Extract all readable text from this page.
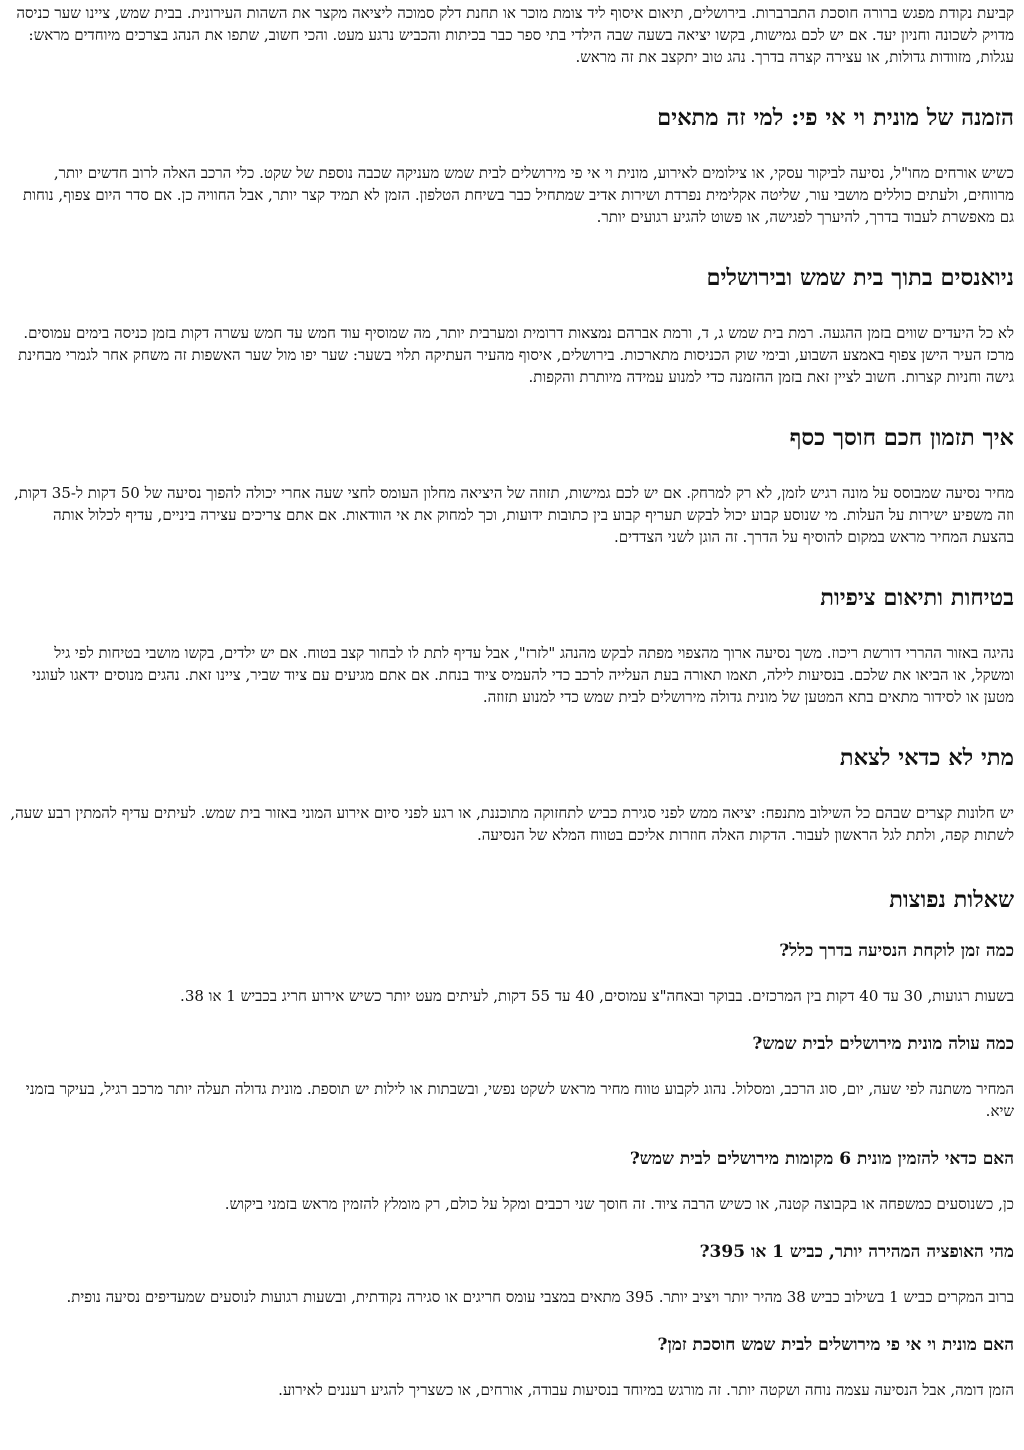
קביעת נקודת מפגש ברורה חוסכת התברברות. בירושלים, תיאום איסוף ליד צומת מוכר או תחנת דלק סמוכה ליציאה מקצר את השהות העירונית. בבית שמש, ציינו שער כניסה מדויק לשכונה וחניון יעד. אם יש לכם גמישות, בקשו יציאה בשעה שבה הילדי בתי ספר כבר בכיתות והכביש נרגע מעט. והכי חשוב, שתפו את הנהג בצרכים מיוחדים מראש: עגלות, מזוודות גדולות, או עצירה קצרה בדרך. נהג טוב יתקצב את זה מראש.

הזמנה של מונית וי אי פי: למי זה מתאים

כשיש אורחים מחו"ל, נסיעה לביקור עסקי, או צילומים לאירוע, מונית וי אי פי מירושלים לבית שמש מעניקה שכבה נוספת של שקט. כלי הרכב האלה לרוב חדשים יותר, מרווחים, ולעתים כוללים מושבי עור, שליטה אקלימית נפרדת ושירות אדיב שמתחיל כבר בשיחת הטלפון. הזמן לא תמיד קצר יותר, אבל החוויה כן. אם סדר היום צפוף, נוחות גם מאפשרת לעבוד בדרך, להיערך לפגישה, או פשוט להגיע רגועים יותר.

ניואנסים בתוך בית שמש ובירושלים

לא כל היעדים שווים בזמן ההגעה. רמת בית שמש ג, ד, ורמת אברהם נמצאות דרומית ומערבית יותר, מה שמוסיף עוד חמש עד חמש עשרה דקות בזמן כניסה בימים עמוסים. מרכז העיר הישן צפוף באמצע השבוע, ובימי שוק הכניסות מתארכות. בירושלים, איסוף מהעיר העתיקה תלוי בשער: שער יפו מול שער האשפות זה משחק אחר לגמרי מבחינת גישה וחניות קצרות. חשוב לציין זאת בזמן ההזמנה כדי למנוע עמידה מיותרת והקפות.

איך תזמון חכם חוסך כסף

מחיר נסיעה שמבוסס על מונה רגיש לזמן, לא רק למרחק. אם יש לכם גמישות, תזוזה של היציאה מחלון העומס לחצי שעה אחרי יכולה להפוך נסיעה של 50 דקות ל-35 דקות, וזה משפיע ישירות על העלות. מי שנוסע קבוע יכול לבקש תעריף קבוע בין כתובות ידועות, וכך למחוק את אי הוודאות. אם אתם צריכים עצירה ביניים, עדיף לכלול אותה בהצעת המחיר מראש במקום להוסיף על הדרך. זה הוגן לשני הצדדים.

בטיחות ותיאום ציפיות

נהיגה באזור ההררי דורשת ריכוז. משך נסיעה ארוך מהצפוי מפתה לבקש מהנהג "לזרז", אבל עדיף לתת לו לבחור קצב בטוח. אם יש ילדים, בקשו מושבי בטיחות לפי גיל ומשקל, או הביאו את שלכם. בנסיעות לילה, תאמו תאורה בעת העלייה לרכב כדי להעמיס ציוד בנחת. אם אתם מגיעים עם ציוד שביר, ציינו זאת. נהגים מנוסים ידאגו לעוגני מטען או לסידור מתאים בתא המטען של מונית גדולה מירושלים לבית שמש כדי למנוע תזוזה.

מתי לא כדאי לצאת

יש חלונות קצרים שבהם כל השילוב מתנפח: יציאה ממש לפני סגירת כביש לתחזוקה מתוכננת, או רגע לפני סיום אירוע המוני באזור בית שמש. לעיתים עדיף להמתין רבע שעה, לשתות קפה, ולתת לגל הראשון לעבור. הדקות האלה חוזרות אליכם בטווח המלא של הנסיעה.

שאלות נפוצות
כמה זמן לוקחת הנסיעה בדרך כלל?

בשעות רגועות, 30 עד 40 דקות בין המרכזים. בבוקר ובאחה"צ עמוסים, 40 עד 55 דקות, לעיתים מעט יותר כשיש אירוע חריג בכביש 1 או 38.

כמה עולה מונית מירושלים לבית שמש?

המחיר משתנה לפי שעה, יום, סוג הרכב, ומסלול. נהוג לקבוע טווח מחיר מראש לשקט נפשי, ובשבתות או לילות יש תוספת. מונית גדולה תעלה יותר מרכב רגיל, בעיקר בזמני שיא.

האם כדאי להזמין מונית 6 מקומות מירושלים לבית שמש?

כן, כשנוסעים כמשפחה או בקבוצה קטנה, או כשיש הרבה ציוד. זה חוסך שני רכבים ומקל על כולם, רק מומלץ להזמין מראש בזמני ביקוש.

מהי האופציה המהירה יותר, כביש 1 או 395?

ברוב המקרים כביש 1 בשילוב כביש 38 מהיר יותר ויציב יותר. 395 מתאים במצבי עומס חריגים או סגירה נקודתית, ובשעות רגועות לנוסעים שמעדיפים נסיעה נופית.

האם מונית וי אי פי מירושלים לבית שמש חוסכת זמן?

הזמן דומה, אבל הנסיעה עצמה נוחה ושקטה יותר. זה מורגש במיוחד בנסיעות עבודה, אורחים, או כשצריך להגיע רעננים לאירוע.
